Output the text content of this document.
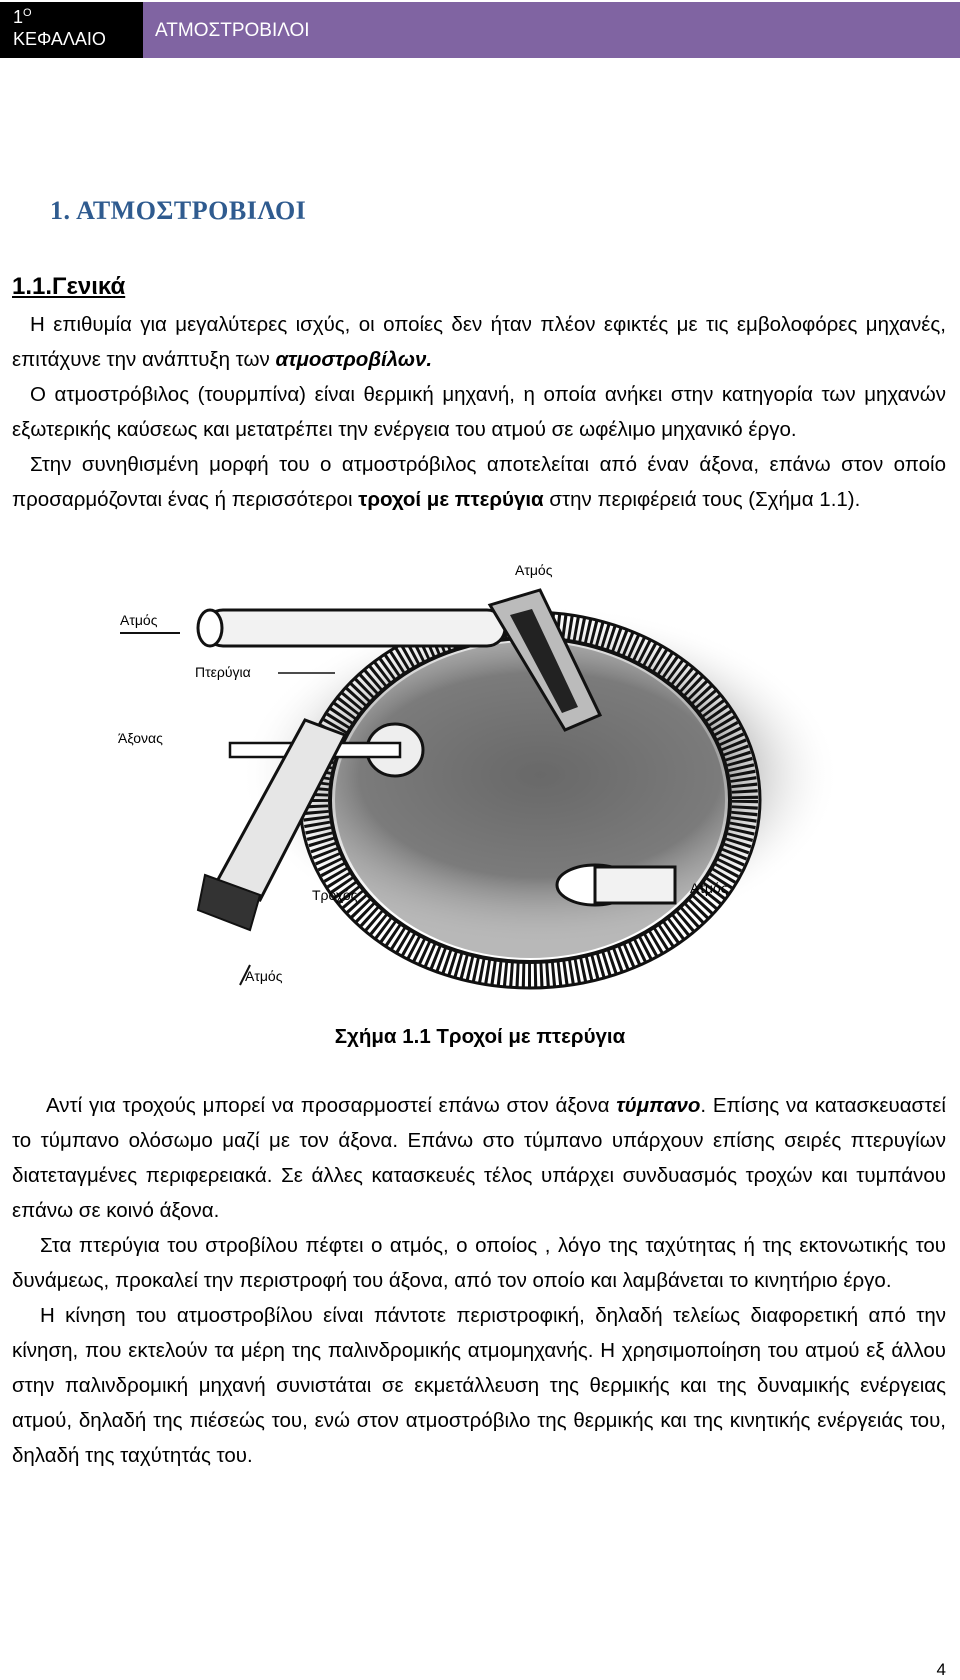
$1^O$
ΚΕΦΑΛΑΙΟ	ΑΤΜΟΣΤΡΟΒΙΛΟΙ
1. ΑΤΜΟΣΤΡΟΒΙΛΟΙ
1.1.Γενικά

Η επιθυμία για μεγαλύτερες ισχύς, οι οποίες δεν ήταν πλέον εφικτές με τις εμβολοφόρες μηχανές, επιτάχυνε την ανάπτυξη των ατμοστροβίλων.

Ο ατμοστρόβιλος (τουρμπίνα) είναι θερμική μηχανή, η οποία ανήκει στην κατηγορία των μηχανών εξωτερικής καύσεως και μετατρέπει την ενέργεια του ατμού σε ωφέλιμο μηχανικό έργο.

Στην συνηθισμένη μορφή του ο ατμοστρόβιλος αποτελείται από έναν άξονα, επάνω στον οποίο προσαρμόζονται ένας ή περισσότεροι τροχοί με πτερύγια στην περιφέρειά τους (Σχήμα 1.1).

Ατμός
Ατμός
Πτερύγια
Άξονας
Τροχός
Ατμός
Ατμός
Σχήμα 1.1 Τροχοί με πτερύγια

Αντί για τροχούς μπορεί να προσαρμοστεί επάνω στον άξονα τύμπανο. Επίσης να κατασκευαστεί το τύμπανο ολόσωμο μαζί με τον άξονα. Επάνω στο τύμπανο υπάρχουν επίσης σειρές πτερυγίων διατεταγμένες περιφερειακά. Σε άλλες κατασκευές τέλος υπάρχει συνδυασμός τροχών και τυμπάνου επάνω σε κοινό άξονα.

Στα πτερύγια του στροβίλου πέφτει ο ατμός, ο οποίος , λόγο της ταχύτητας ή της εκτονωτικής του δυνάμεως, προκαλεί την περιστροφή του άξονα, από τον οποίο και λαμβάνεται το κινητήριο έργο.

Η κίνηση του ατμοστροβίλου είναι πάντοτε περιστροφική, δηλαδή τελείως διαφορετική από την κίνηση, που εκτελούν τα μέρη της παλινδρομικής ατμομηχανής. Η χρησιμοποίηση του ατμού εξ άλλου στην παλινδρομική μηχανή συνιστάται σε εκμετάλλευση της θερμικής και της δυναμικής ενέργειας ατμού, δηλαδή της πιέσεώς του, ενώ στον ατμοστρόβιλο της θερμικής και της κινητικής ενέργειάς του, δηλαδή της ταχύτητάς του.

4
